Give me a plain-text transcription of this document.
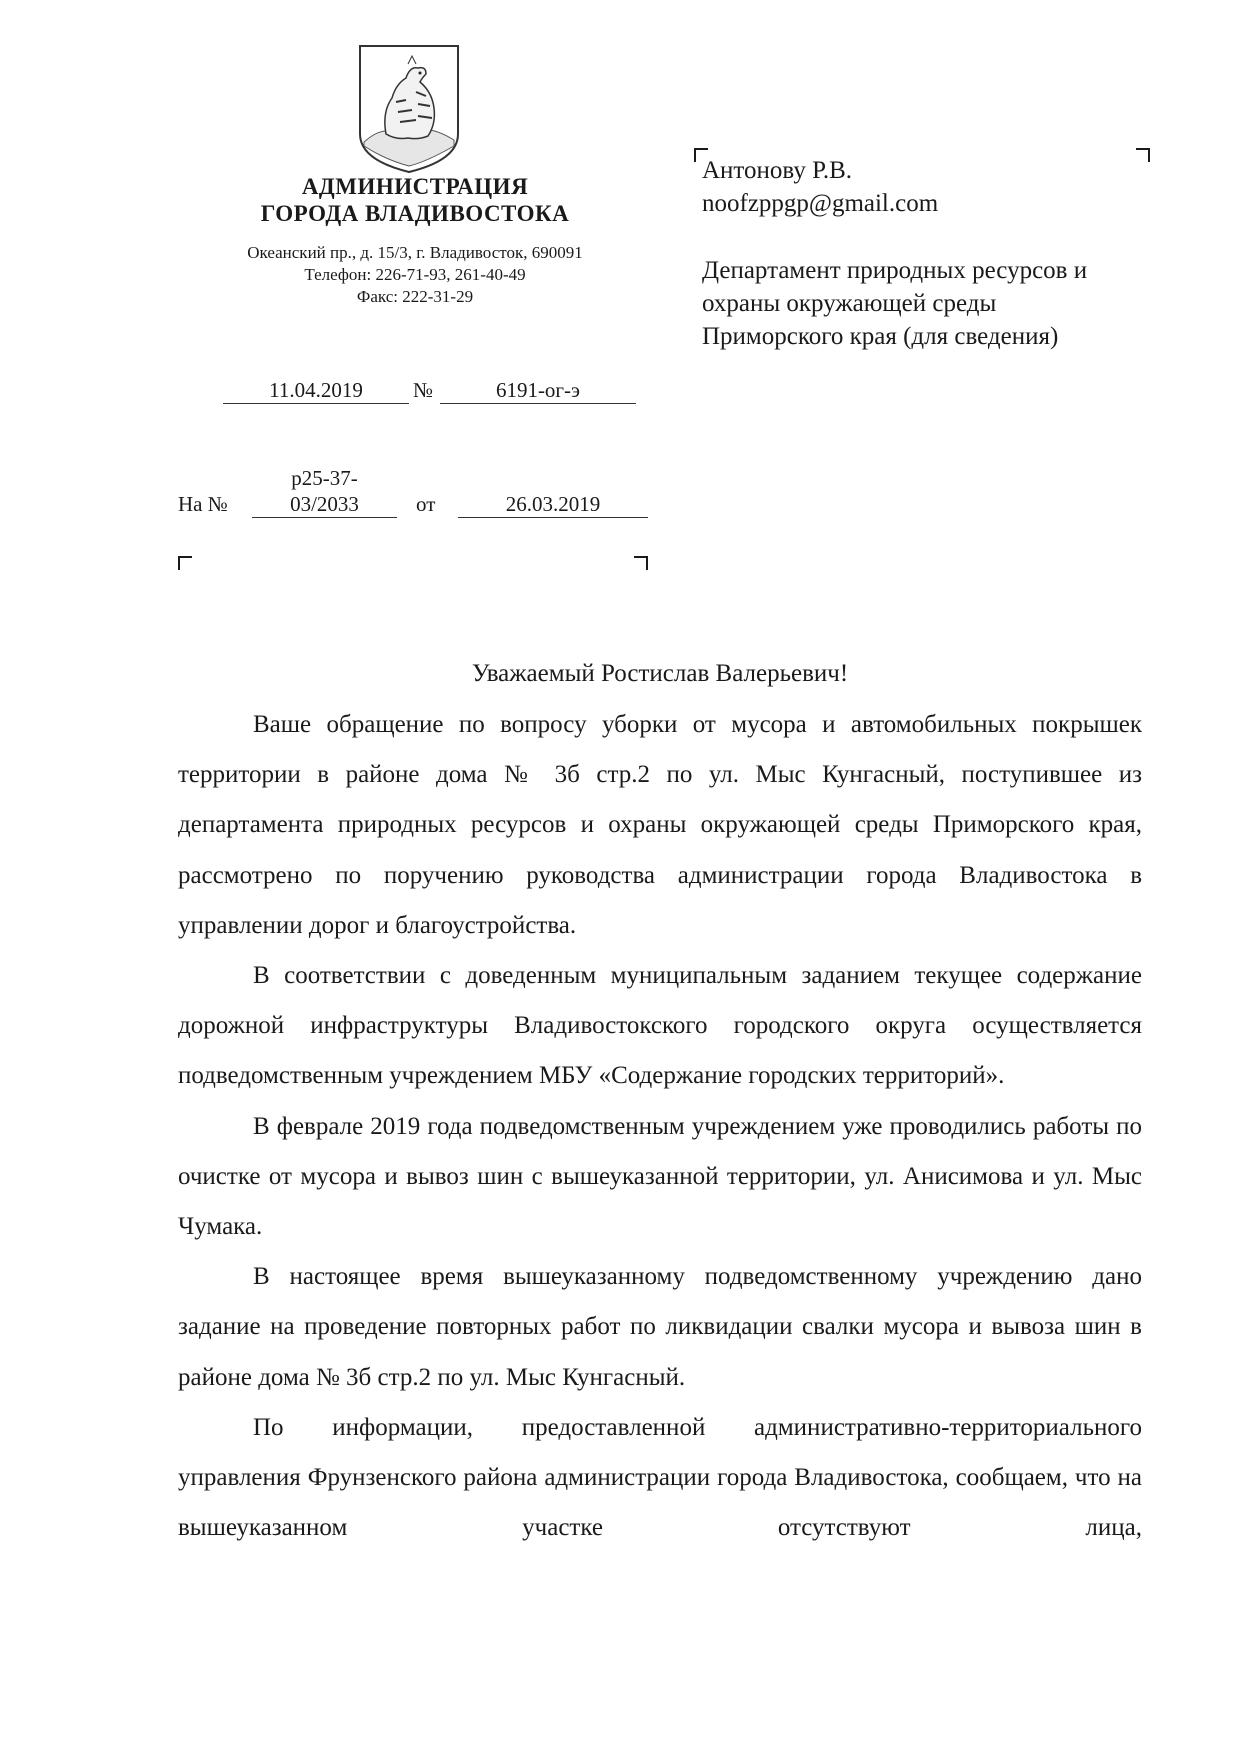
АДМИНИСТРАЦИЯ
ГОРОДА ВЛАДИВОСТОКА
Океанский пр., д. 15/3, г. Владивосток, 690091
Телефон: 226-71-93, 261-40-49
Факс: 222-31-29
11.04.2019	№	6191-ог-э
На №
р25-37-
03/2033	от	26.03.2019
Антонову Р.В.
noofzppgp@gmail.com
Департамент природных ресурсов и
охраны окружающей среды
Приморского края (для сведения)
Уважаемый Ростислав Валерьевич!

Ваше обращение по вопросу уборки от мусора и автомобильных покрышек территории в районе дома № 3б стр.2 по ул. Мыс Кунгасный, поступившее из департамента природных ресурсов и охраны окружающей среды Приморского края, рассмотрено по поручению руководства администрации города Владивостока в управлении дорог и благоустройства.

В соответствии с доведенным муниципальным заданием текущее содержание дорожной инфраструктуры Владивостокского городского округа осуществляется подведомственным учреждением МБУ «Содержание городских территорий».

В феврале 2019 года подведомственным учреждением уже проводились работы по очистке от мусора и вывоз шин с вышеуказанной территории, ул. Анисимова и ул. Мыс Чумака.

В настоящее время вышеуказанному подведомственному учреждению дано задание на проведение повторных работ по ликвидации свалки мусора и вывоза шин в районе дома № 3б стр.2 по ул. Мыс Кунгасный.

По информации, предоставленной административно-территориального управления Фрунзенского района администрации города Владивостока, сообщаем, что на вышеуказанном участке отсутствуют лица,
